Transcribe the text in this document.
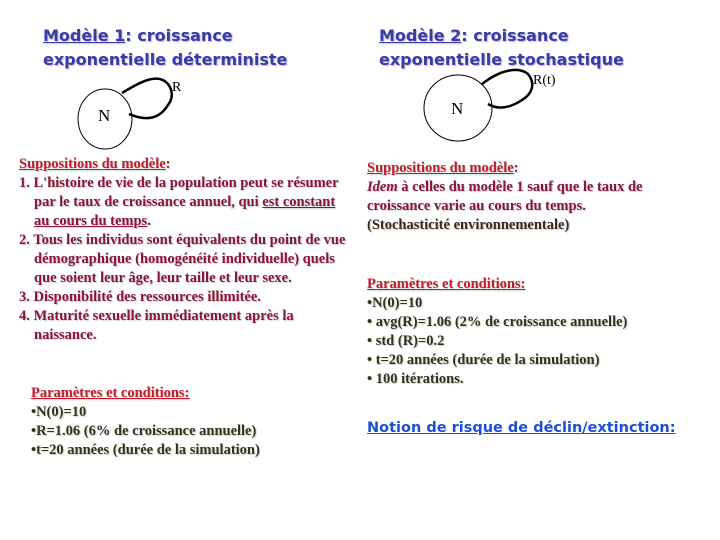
N
R
N
R(t)
Modèle 1: croissance
exponentielle déterministe
Modèle 2: croissance
exponentielle stochastique
Suppositions du modèle:
1. L'histoire de vie de la population peut se résumer par le taux de croissance annuel, qui est constant au cours du temps.
2. Tous les individus sont équivalents du point de vue démographique (homogénéité individuelle) quels que soient leur âge, leur taille et leur sexe.
3. Disponibilité des ressources illimitée.
4. Maturité sexuelle immédiatement après la naissance.
Paramètres et conditions:
•N(0)=10
•R=1.06 (6% de croissance annuelle)
•t=20 années (durée de la simulation)
Suppositions du modèle:
Idem à celles du modèle 1 sauf que le taux de croissance varie au cours du temps.
(Stochasticité environnementale)
Paramètres et conditions:
•N(0)=10
• avg(R)=1.06 (2% de croissance annuelle)
• std (R)=0.2
• t=20 années (durée de la simulation)
• 100 itérations.
Notion de risque de déclin/extinction:
